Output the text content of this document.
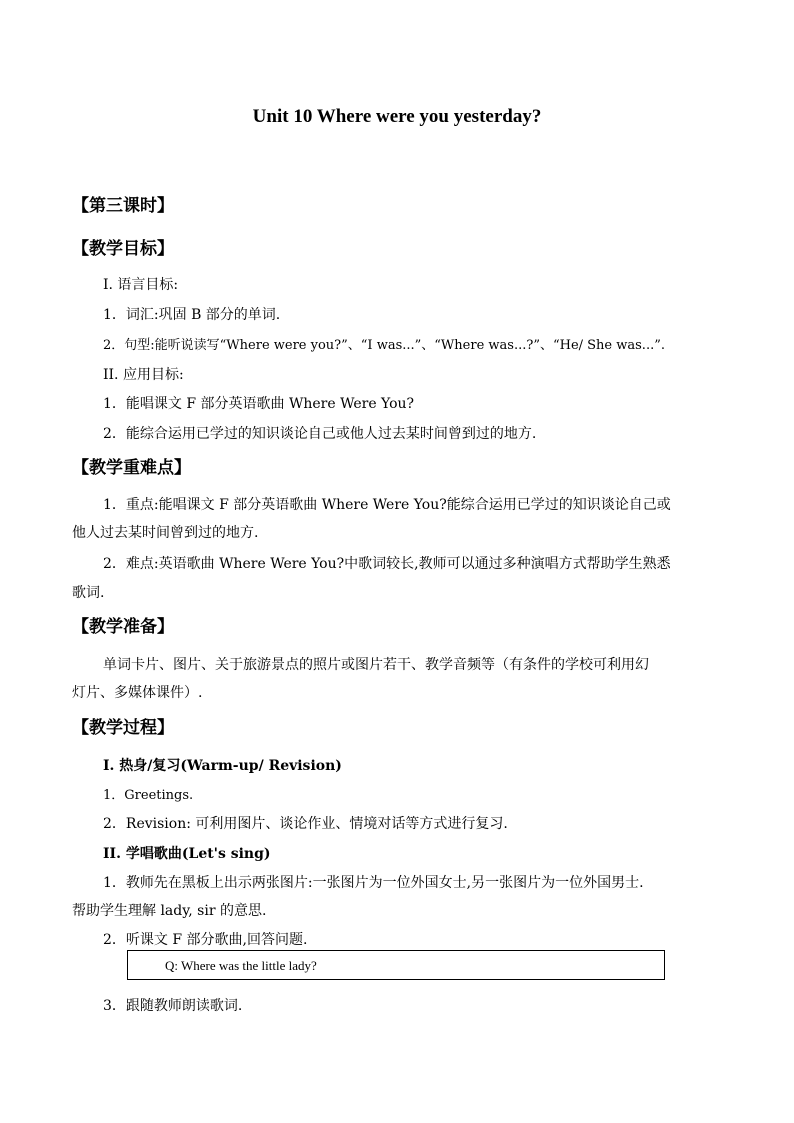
Unit 10 Where were you yesterday?
【第三课时】
【教学目标】
I. 语言目标:
1．词汇:巩固 B 部分的单词.
2．句型:能听说读写“Where were you?”、“I was...”、“Where was...?”、“He/ She was...”.
II. 应用目标:
1．能唱课文 F 部分英语歌曲 Where Were You?
2．能综合运用已学过的知识谈论自己或他人过去某时间曾到过的地方.
【教学重难点】
1．重点:能唱课文 F 部分英语歌曲 Where Were You?能综合运用已学过的知识谈论自己或
他人过去某时间曾到过的地方.
2．难点:英语歌曲 Where Were You?中歌词较长,教师可以通过多种演唱方式帮助学生熟悉
歌词.
【教学准备】
单词卡片、图片、关于旅游景点的照片或图片若干、教学音频等（有条件的学校可利用幻
灯片、多媒体课件）.
【教学过程】
I. 热身/复习(Warm-up/ Revision)
1．Greetings.
2．Revision: 可利用图片、谈论作业、情境对话等方式进行复习.
II. 学唱歌曲(Let's sing)
1．教师先在黑板上出示两张图片:一张图片为一位外国女士,另一张图片为一位外国男士.
帮助学生理解 lady, sir 的意思.
2．听课文 F 部分歌曲,回答问题.
Q: Where was the little lady?
3．跟随教师朗读歌词.
